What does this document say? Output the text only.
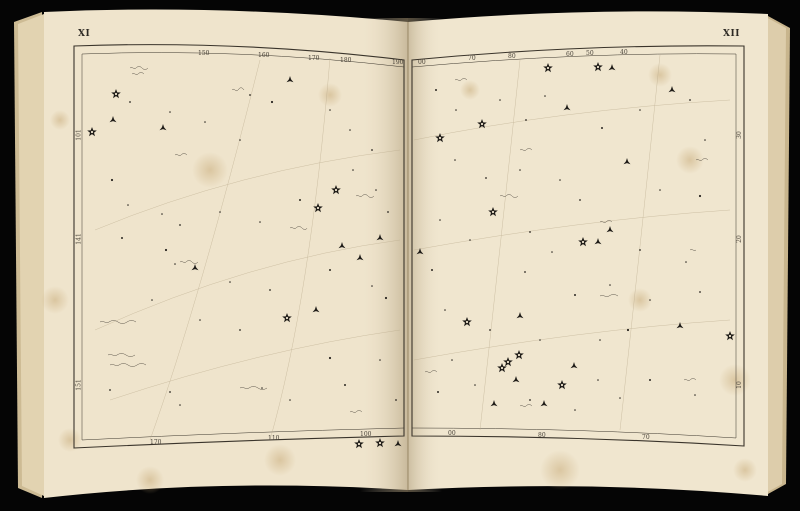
XI	XII
150	160	170	180	190
170
110
100
101
141
151
00
70	80	60 50	40
00	80	70
30
20
10
